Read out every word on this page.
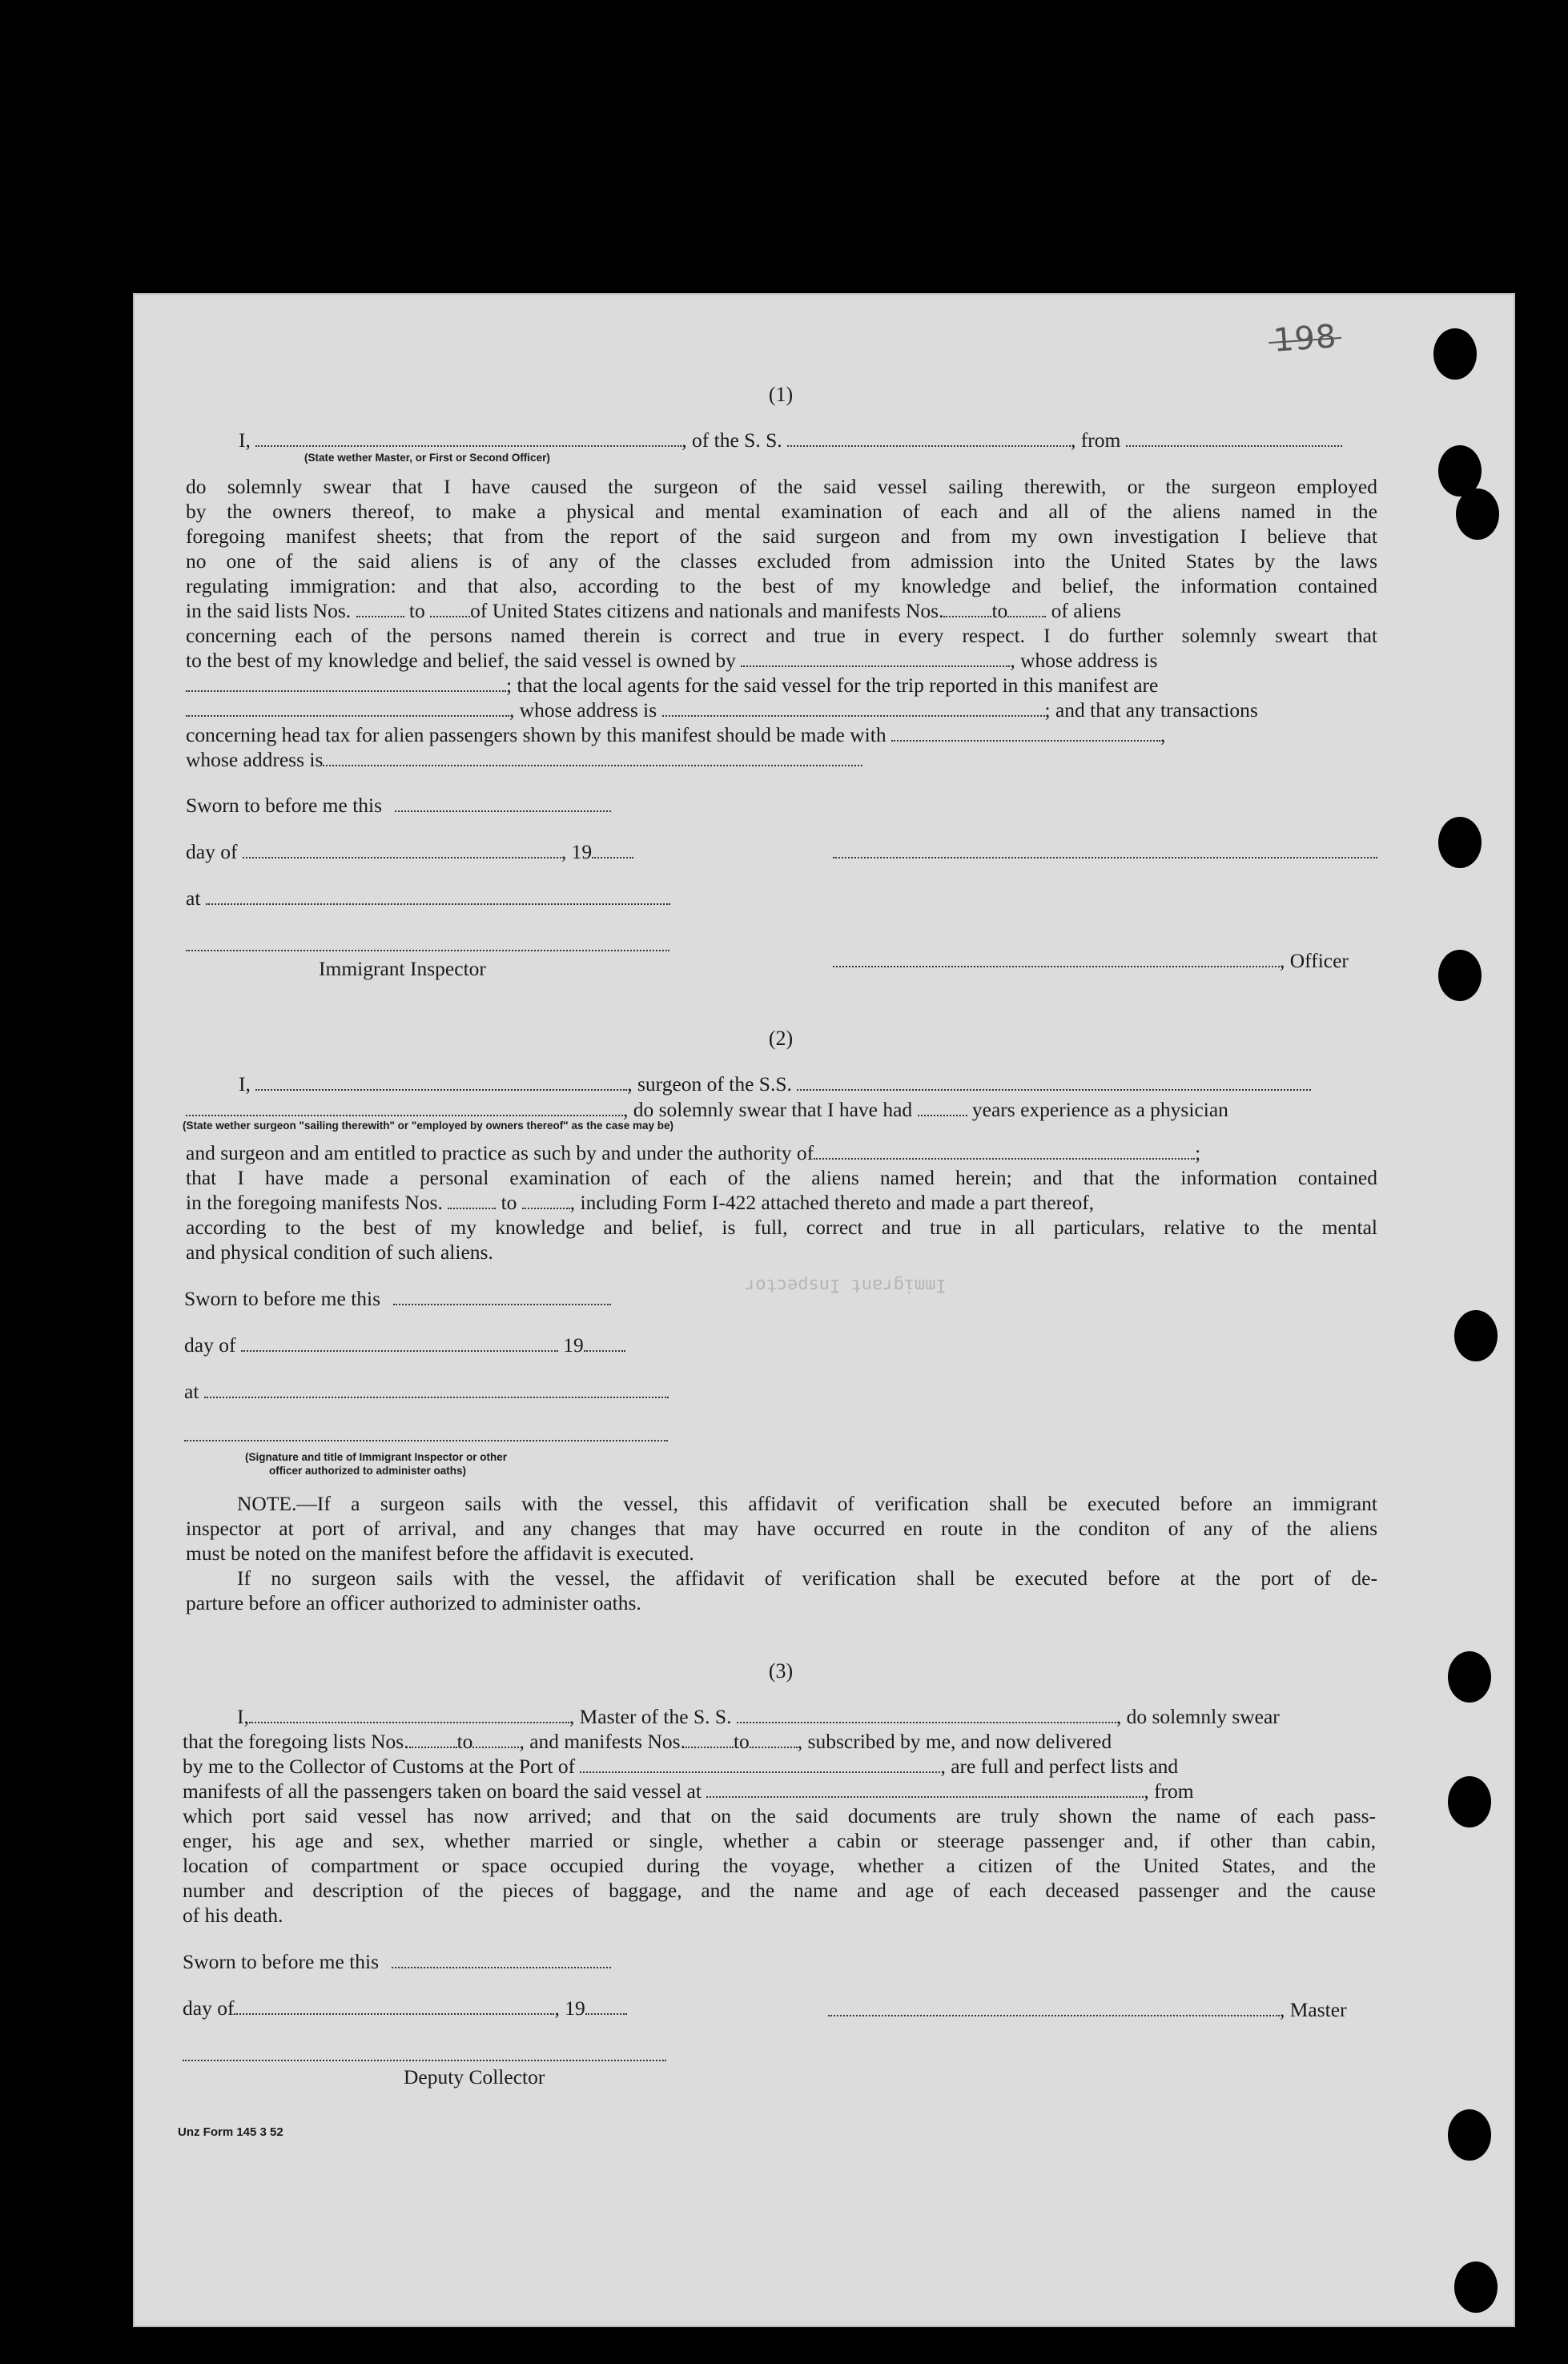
198
(1)
I,	, of the S. S.	, from
(State wether Master, or First or Second Officer)
do solemnly swear that I have caused the surgeon of the said vessel sailing therewith, or the surgeon employed
by the owners thereof, to make a physical and mental examination of each and all of the aliens named in the
foregoing manifest sheets; that from the report of the said surgeon and from my own investigation I believe that
no one of the said aliens is of any of the classes excluded from admission into the United States by the laws
regulating immigration: and that also, according to the best of my knowledge and belief, the information contained
in the said lists Nos.	to of United States citizens and nationals and manifests Nos. to of aliens
concerning each of the persons named therein is correct and true in every respect. I do further solemnly sweart that
to the best of my knowledge and belief, the said vessel is owned by	, whose address is
; that the local agents for the said vessel for the trip reported in this manifest are
, whose address is	; and that any transactions
concerning head tax for alien passengers shown by this manifest should be made with	,
whose address is
Sworn to before me this
day of	, 19
at
Immigrant Inspector	, Officer
(2)
I,	, surgeon of the S.S.
, do solemnly swear that I have had	years experience as a physician
(State wether surgeon "sailing therewith" or "employed by owners thereof" as the case may be)
and surgeon and am entitled to practice as such by and under the authority of	;
that I have made a personal examination of each of the aliens named herein; and that the information contained
in the foregoing manifests Nos.	to	, including Form I-422 attached thereto and made a part thereof,
according to the best of my knowledge and belief, is full, correct and true in all particulars, relative to the mental
and physical condition of such aliens.
Sworn to before me this
Immigrant Inspector
day of	19
at
(Signature and title of Immigrant Inspector or other
officer authorized to administer oaths)
NOTE.—If a surgeon sails with the vessel, this affidavit of verification shall be executed before an immigrant
inspector at port of arrival, and any changes that may have occurred en route in the conditon of any of the aliens
must be noted on the manifest before the affidavit is executed.
If no surgeon sails with the vessel, the affidavit of verification shall be executed before at the port of de-
parture before an officer authorized to administer oaths.
(3)
I,	, Master of the S. S.	, do solemnly swear
that the foregoing lists Nos. to , and manifests Nos. to , subscribed by me, and now delivered
by me to the Collector of Customs at the Port of	, are full and perfect lists and
manifests of all the passengers taken on board the said vessel at	, from
which port said vessel has now arrived; and that on the said documents are truly shown the name of each pass-
enger, his age and sex, whether married or single, whether a cabin or steerage passenger and, if other than cabin,
location of compartment or space occupied during the voyage, whether a citizen of the United States, and the
number and description of the pieces of baggage, and the name and age of each deceased passenger and the cause
of his death.
Sworn to before me this
day of	, 19	, Master
Deputy Collector
Unz Form 145 3 52
